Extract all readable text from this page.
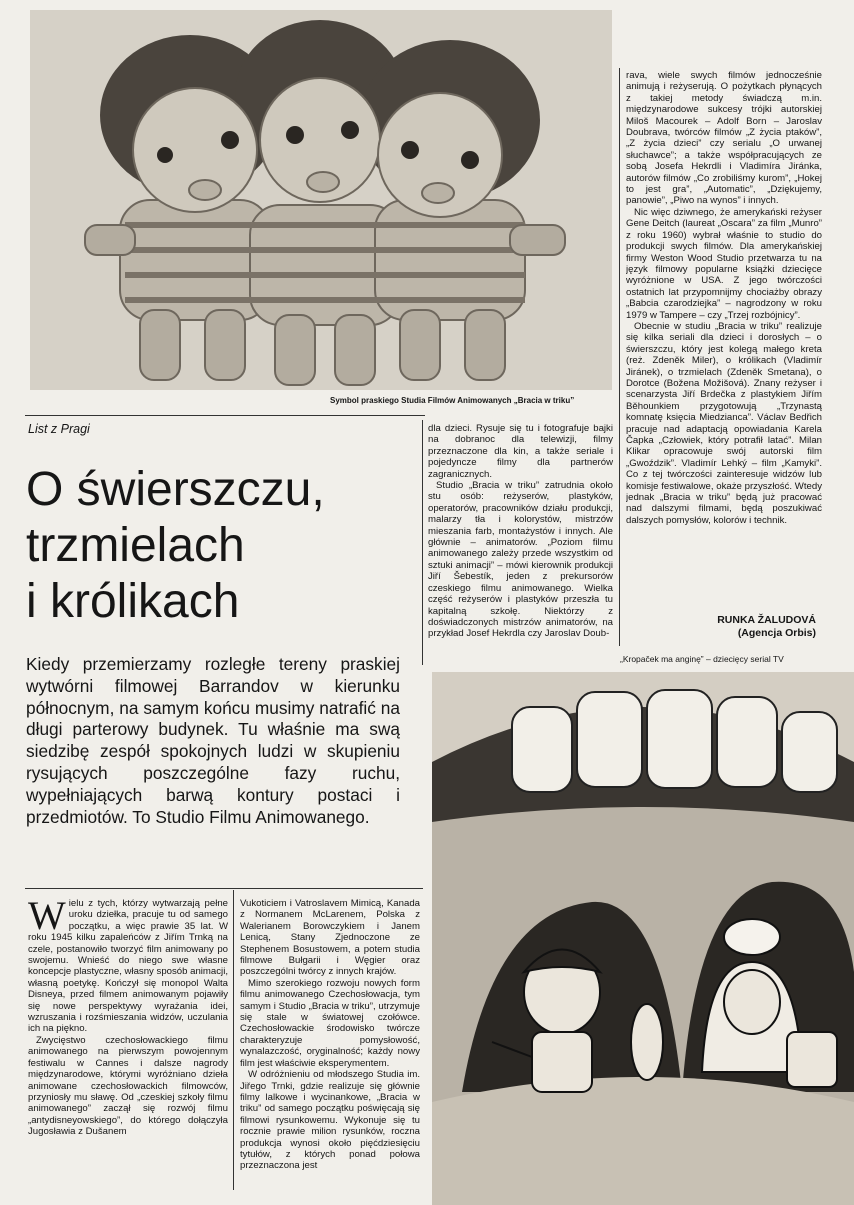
Symbol praskiego Studia Filmów Animowanych „Bracia w triku”
List z Pragi
O świerszczu,
trzmielach
i królikach

Kiedy przemierzamy rozległe tereny praskiej wytwórni filmowej Barrandov w kierunku północnym, na samym końcu musimy natrafić na długi parterowy budynek. Tu właśnie ma swą siedzibę zespół spokojnych ludzi w skupieniu rysujących poszczególne fazy ruchu, wypełniających barwą kontury postaci i przedmiotów. To Studio Filmu Animowanego.

Wielu z tych, którzy wytwarzają pełne uroku dziełka, pracuje tu od samego początku, a więc prawie 35 lat. W roku 1945 kilku zapaleńców z Jiřím Trnką na czele, postanowiło tworzyć film animowany po swojemu. Wnieść do niego swe własne koncepcje plastyczne, własny sposób animacji, własną poetykę. Kończył się monopol Walta Disneya, przed filmem animowanym pojawiły się nowe perspektywy wyrażania idei, wzruszania i rozśmieszania widzów, uczulania ich na piękno.

Zwycięstwo czechosłowackiego filmu animowanego na pierwszym powojennym festiwalu w Cannes i dalsze nagrody międzynarodowe, którymi wyróżniano dzieła animowane czechosłowackich filmowców, przyniosły mu sławę. Od „czeskiej szkoły filmu animowanego” zaczął się rozwój filmu „antydisneyowskiego”, do którego dołączyła Jugosławia z Dušanem

Vukoticiem i Vatroslavem Mimicą, Kanada z Normanem McLarenem, Polska z Walerianem Borowczykiem i Janem Lenicą, Stany Zjednoczone ze Stephenem Bosustowem, a potem studia filmowe Bułgarii i Węgier oraz poszczególni twórcy z innych krajów.

Mimo szerokiego rozwoju nowych form filmu animowanego Czechosłowacja, tym samym i Studio „Bracia w triku”, utrzymuje się stale w światowej czołówce. Czechosłowackie środowisko twórcze charakteryzuje pomysłowość, wynalazczość, oryginalność; każdy nowy film jest właściwie eksperymentem.

W odróżnieniu od młodszego Studia im. Jiřego Trnki, gdzie realizuje się głównie filmy lalkowe i wycinankowe, „Bracia w triku” od samego początku poświęcają się filmowi rysunkowemu. Wykonuje się tu rocznie prawie milion rysunków, roczna produkcja wynosi około pięćdziesięciu tytułów, z których ponad połowa przeznaczona jest

dla dzieci. Rysuje się tu i fotografuje bajki na dobranoc dla telewizji, filmy przeznaczone dla kin, a także seriale i pojedyncze filmy dla partnerów zagranicznych.

Studio „Bracia w triku” zatrudnia około stu osób: reżyserów, plastyków, operatorów, pracowników działu produkcji, malarzy tła i kolorystów, mistrzów mieszania farb, montażystów i innych. Ale głównie – animatorów. „Poziom filmu animowanego zależy przede wszystkim od sztuki animacji” – mówi kierownik produkcji Jiří Šebestík, jeden z prekursorów czeskiego filmu animowanego. Wielka część reżyserów i plastyków przeszła tu kapitalną szkołę. Niektórzy z doświadczonych mistrzów animatorów, na przykład Josef Hekrdla czy Jaroslav Doub-

rava, wiele swych filmów jednocześnie animują i reżyserują. O pożytkach płynących z takiej metody świadczą m.in. międzynarodowe sukcesy trójki autorskiej Miloš Macourek – Adolf Born – Jaroslav Doubrava, twórców filmów „Z życia ptaków”, „Z życia dzieci” czy serialu „O urwanej słuchawce”; a także współpracujących ze sobą Josefa Hekrdli i Vladimíra Jiránka, autorów filmów „Co zrobiliśmy kurom”, „Hokej to jest gra”, „Automatic”, „Dziękujemy, panowie”, „Piwo na wynos” i innych.

Nic więc dziwnego, że amerykański reżyser Gene Deitch (laureat „Oscara” za film „Munro” z roku 1960) wybrał właśnie to studio do produkcji swych filmów. Dla amerykańskiej firmy Weston Wood Studio przetwarza tu na język filmowy popularne książki dziecięce wyróżnione w USA. Z jego twórczości ostatnich lat przypomnijmy chociażby obrazy „Babcia czarodziejka” – nagrodzony w roku 1979 w Tampere – czy „Trzej rozbójnicy”.

Obecnie w studiu „Bracia w triku” realizuje się kilka seriali dla dzieci i dorosłych – o świerszczu, który jest kolegą małego kreta (reż. Zdeněk Miler), o królikach (Vladimír Jiránek), o trzmielach (Zdeněk Smetana), o Dorotce (Božena Možišová). Znany reżyser i scenarzysta Jiří Brdečka z plastykiem Jiřím Běhounkiem przygotowują „Trzynastą komnatę księcia Miedzianca”. Václav Bedřich pracuje nad adaptacją opowiadania Karela Čapka „Człowiek, który potrafił latać”. Milan Klikar opracowuje swój autorski film „Gwoździk”. Vladimír Lehký – film „Kamyki”. Co z tej twórczości zainteresuje widzów lub komisje festiwalowe, okaże przyszłość. Wtedy jednak „Bracia w triku” będą już pracować nad dalszymi filmami, będą poszukiwać dalszych pomysłów, kolorów i technik.

RUNKA ŽALUDOVÁ
(Agencja Orbis)
„Kropaček ma anginę” – dziecięcy serial TV
